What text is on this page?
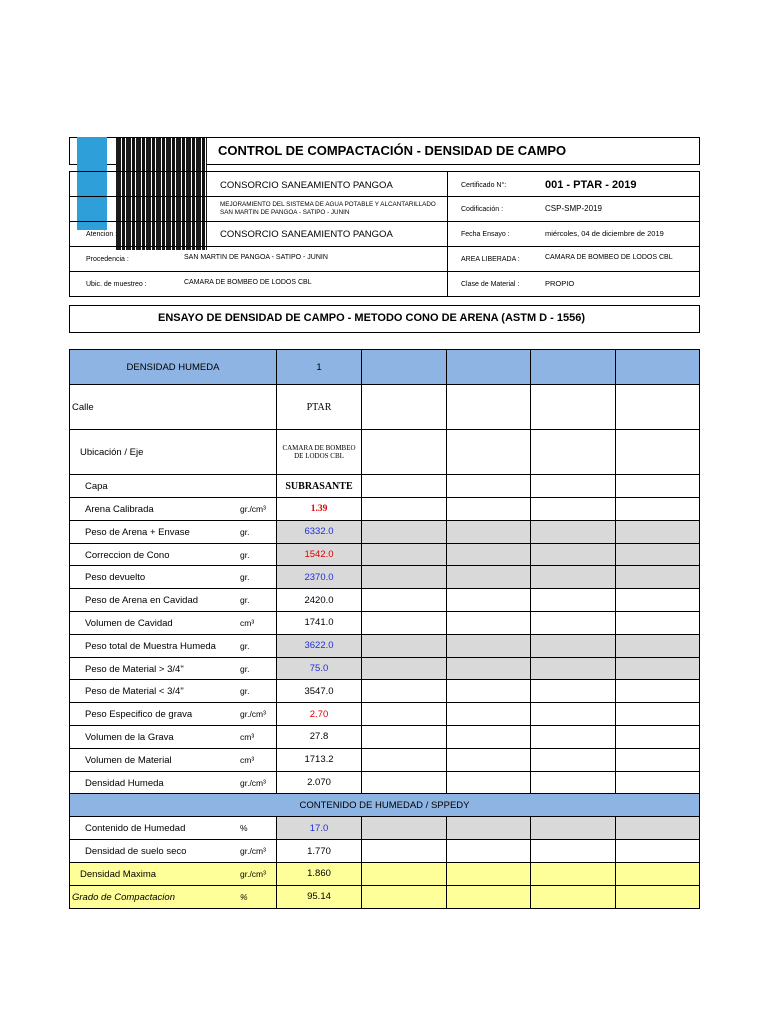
CONTROL DE COMPACTACIÓN - DENSIDAD DE CAMPO
CONSORCIO SANEAMIENTO PANGOA
MEJORAMIENTO DEL SISTEMA DE AGUA POTABLE Y ALCANTARILLADO
SAN MARTIN DE PANGOA - SATIPO - JUNIN
Atencion :	CONSORCIO SANEAMIENTO PANGOA
Procedencia :	SAN MARTIN DE PANGOA - SATIPO - JUNIN
Ubic. de muestreo :	CAMARA DE BOMBEO DE LODOS CBL
Certificado N°:	001 - PTAR - 2019
Codificación :	CSP-SMP-2019
Fecha Ensayo :	miércoles, 04 de diciembre de 2019
AREA LIBERADA :	CAMARA DE BOMBEO DE LODOS CBL
Clase de Material :	PROPIO
ENSAYO DE DENSIDAD DE CAMPO - METODO CONO DE ARENA (ASTM D - 1556)
DENSIDAD HUMEDA	1				
Calle	PTAR				
Ubicación / Eje	CAMARA DE BOMBEO
DE LODOS CBL				

Capa	SUBRASANTE				

Arena Calibrada gr./cm³	1.39				

Peso de Arena + Envase gr.	6332.0				

Correccion de Cono gr.	1542.0				

Peso devuelto gr.	2370.0				

Peso de Arena en Cavidad gr.	2420.0				

Volumen de Cavidad cm³	1741.0				

Peso total de Muestra Humeda gr.	3622.0				

Peso de Material > 3/4" gr.	75.0				

Peso de Material < 3/4" gr.	3547.0				

Peso Especifico de grava gr./cm³	2.70				

Volumen de la Grava cm³	27.8				

Volumen de Material cm³	1713.2				

Densidad Humeda gr./cm³	2.070				
CONTENIDO DE HUMEDAD / SPPEDY					

Contenido de Humedad %	17.0				

Densidad de suelo seco gr./cm³	1.770				

Densidad Maxima gr./cm³	1.860				

Grado de Compactacion %	95.14				
